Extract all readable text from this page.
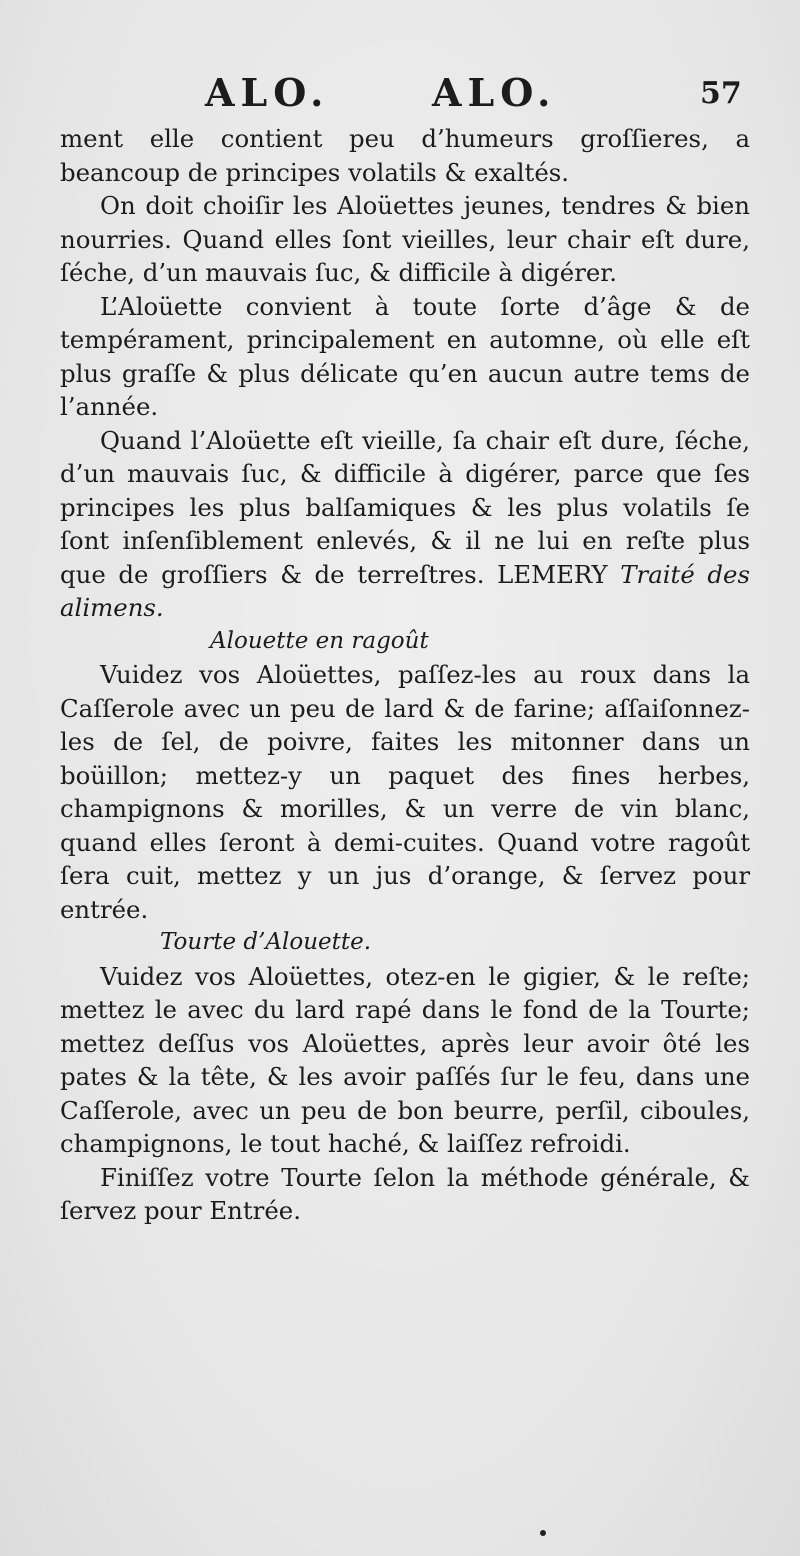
ALO.	ALO.	57

ment elle contient peu d’humeurs groſſieres, a beancoup de principes volatils & exaltés.

On doit choiſir les Aloüettes jeunes, tendres & bien nourries. Quand elles ſont vieilles, leur chair eſt dure, ſéche, d’un mauvais ſuc, & difficile à digérer.

L’Aloüette convient à toute ſorte d’âge & de tempérament, principalement en automne, où elle eſt plus graſſe & plus délicate qu’en aucun autre tems de l’année.

Quand l’Aloüette eſt vieille, ſa chair eſt dure, ſéche, d’un mauvais ſuc, & difficile à digérer, parce que ſes principes les plus balſamiques & les plus volatils ſe ſont inſenſiblement enlevés, & il ne lui en reſte plus que de groſſiers & de terreſtres. LEMERY Traité des alimens.

Alouette en ragoût

Vuidez vos Aloüettes, paſſez-les au roux dans la Caſſerole avec un peu de lard & de farine; aſſaiſonnez-les de ſel, de poivre, faites les mitonner dans un boüillon; mettez-y un paquet des fines herbes, champignons & morilles, & un verre de vin blanc, quand elles ſeront à demi-cuites. Quand votre ragoût ſera cuit, mettez y un jus d’orange, & ſervez pour entrée.

Tourte d’Alouette.

Vuidez vos Aloüettes, otez-en le gigier, & le reſte; mettez le avec du lard rapé dans le fond de la Tourte; mettez deſſus vos Aloüettes, après leur avoir ôté les pates & la tête, & les avoir paſſés ſur le feu, dans une Caſſerole, avec un peu de bon beurre, perſil, ciboules, champignons, le tout haché, & laiſſez refroidi.

Finiſſez votre Tourte ſelon la méthode générale, & ſervez pour Entrée.
